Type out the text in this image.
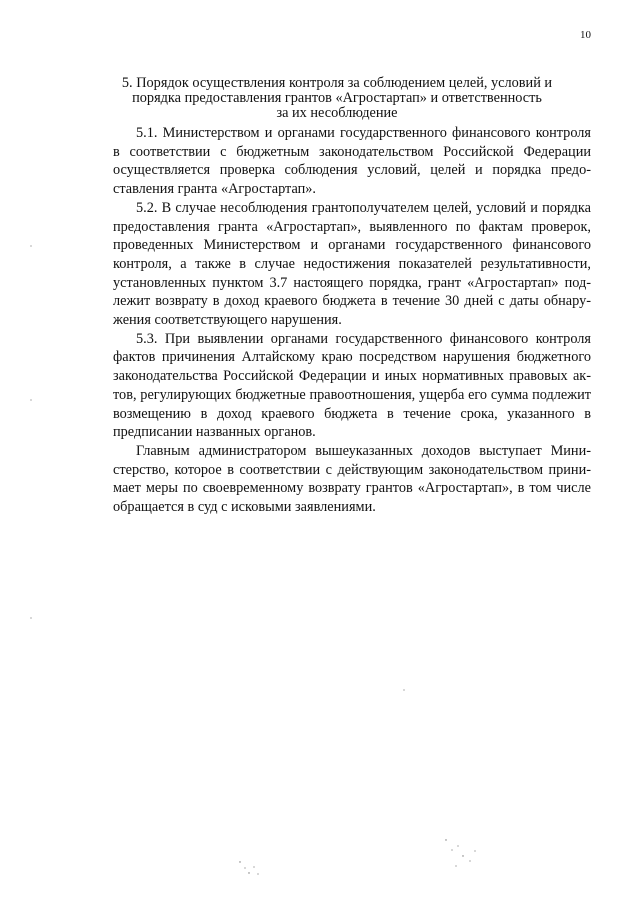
10
5. Порядок осуществления контроля за соблюдением целей, условий и
порядка предоставления грантов «Агростартап» и ответственность
за их несоблюдение

5.1. Министерством и органами государственного финансового контроля в соответствии с бюджетным законодательством Российской Федерации осуществляется проверка соблюдения условий, целей и порядка предоставления гранта «Агростартап».

5.2. В случае несоблюдения грантополучателем целей, условий и порядка предоставления гранта «Агростартап», выявленного по фактам проверок, проведенных Министерством и органами государственного финансового контроля, а также в случае недостижения показателей результативности, установленных пунктом 3.7 настоящего порядка, грант «Агростартап» подлежит возврату в доход краевого бюджета в течение 30 дней с даты обнаружения соответствующего нарушения.

5.3. При выявлении органами государственного финансового контроля фактов причинения Алтайскому краю посредством нарушения бюджетного законодательства Российской Федерации и иных нормативных правовых актов, регулирующих бюджетные правоотношения, ущерба его сумма подлежит возмещению в доход краевого бюджета в течение срока, указанного в предписании названных органов.

Главным администратором вышеуказанных доходов выступает Министерство, которое в соответствии с действующим законодательством принимает меры по своевременному возврату грантов «Агростартап», в том числе обращается в суд с исковыми заявлениями.
